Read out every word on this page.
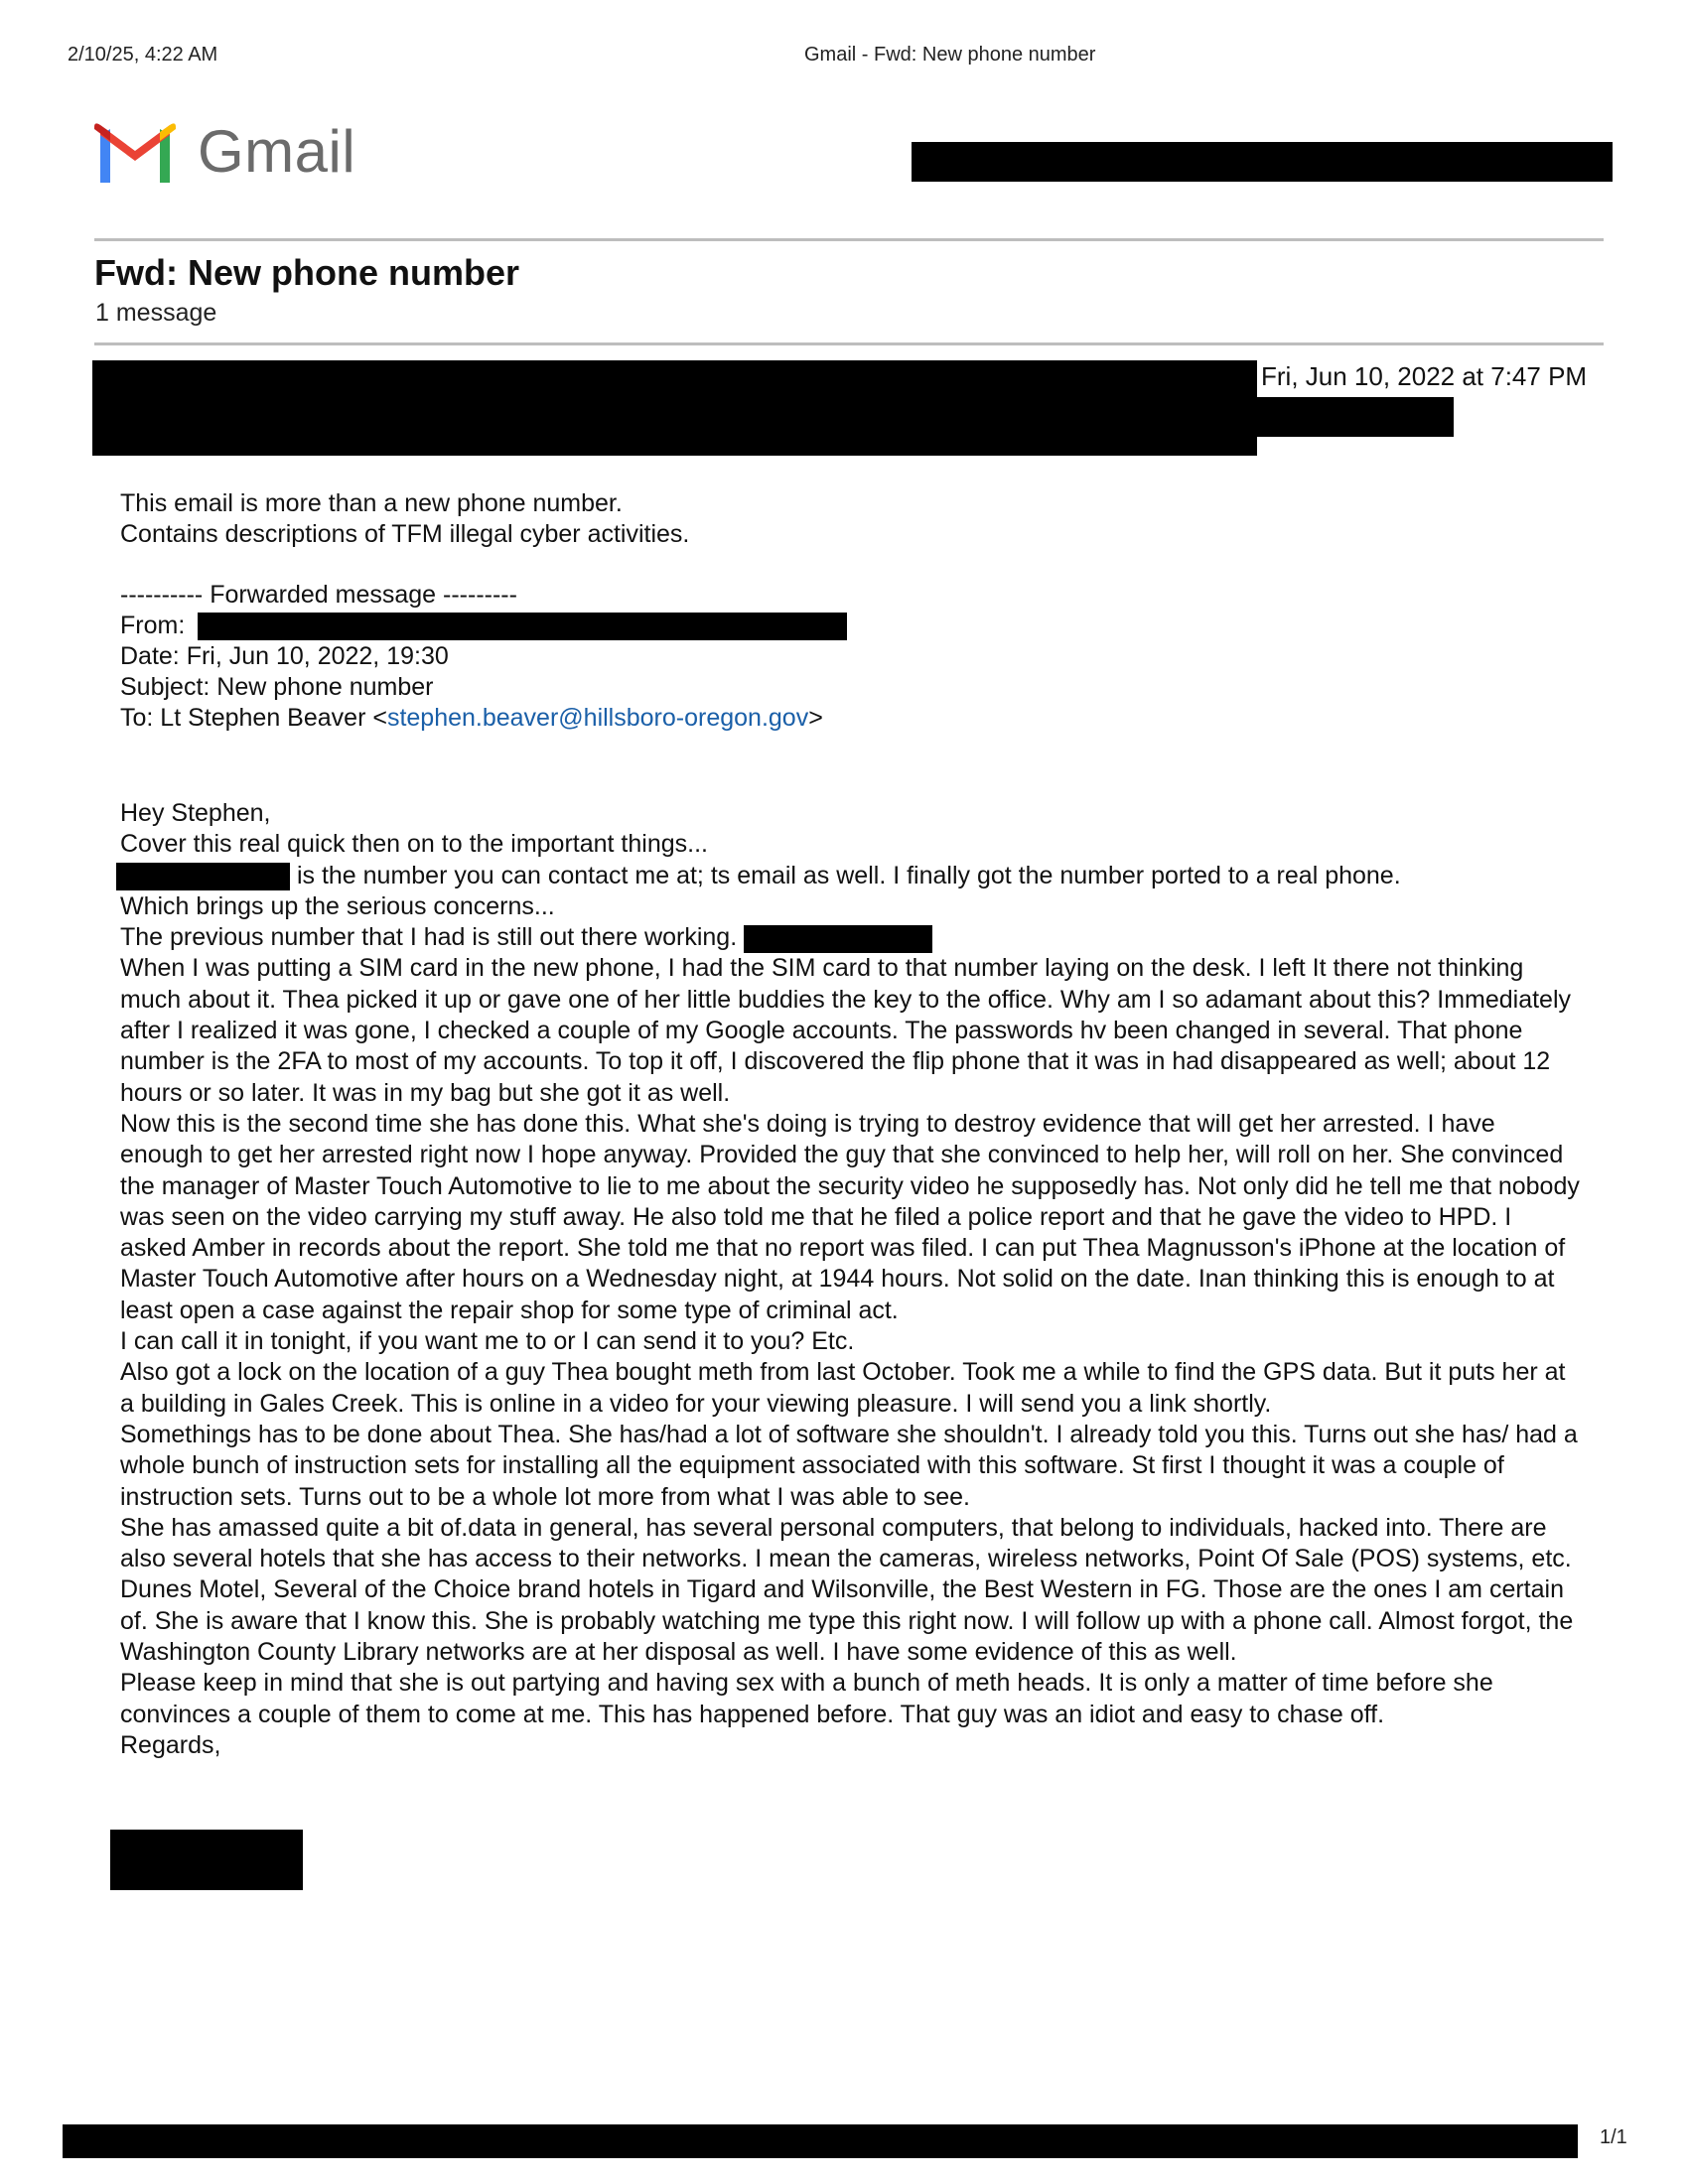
2/10/25, 4:22 AM	Gmail - Fwd: New phone number
Gmail
Fwd: New phone number
1 message
Fri, Jun 10, 2022 at 7:47 PM
This email is more than a new phone number.
Contains descriptions of TFM illegal cyber activities.
---------- Forwarded message ---------
From:
Date: Fri, Jun 10, 2022, 19:30
Subject: New phone number
To: Lt Stephen Beaver <stephen.beaver@hillsboro-oregon.gov>

Hey Stephen,

Cover this real quick then on to the important things...

is the number you can contact me at; ts email as well. I finally got the number ported to a real phone.

Which brings up the serious concerns...

The previous number that I had is still out there working.

When I was putting a SIM card in the new phone, I had the SIM card to that number laying on the desk. I left It there not thinking much about it. Thea picked it up or gave one of her little buddies the key to the office. Why am I so adamant about this? Immediately after I realized it was gone, I checked a couple of my Google accounts. The passwords hv been changed in several. That phone number is the 2FA to most of my accounts. To top it off, I discovered the flip phone that it was in had disappeared as well; about 12 hours or so later. It was in my bag but she got it as well.

Now this is the second time she has done this. What she's doing is trying to destroy evidence that will get her arrested. I have enough to get her arrested right now I hope anyway. Provided the guy that she convinced to help her, will roll on her. She convinced the manager of Master Touch Automotive to lie to me about the security video he supposedly has. Not only did he tell me that nobody was seen on the video carrying my stuff away. He also told me that he filed a police report and that he gave the video to HPD. I asked Amber in records about the report. She told me that no report was filed. I can put Thea Magnusson's iPhone at the location of Master Touch Automotive after hours on a Wednesday night, at 1944 hours. Not solid on the date. Inan thinking this is enough to at least open a case against the repair shop for some type of criminal act.

I can call it in tonight, if you want me to or I can send it to you? Etc.

Also got a lock on the location of a guy Thea bought meth from last October. Took me a while to find the GPS data. But it puts her at a building in Gales Creek. This is online in a video for your viewing pleasure. I will send you a link shortly.

Somethings has to be done about Thea. She has/had a lot of software she shouldn't. I already told you this. Turns out she has/ had a whole bunch of instruction sets for installing all the equipment associated with this software. St first I thought it was a couple of instruction sets. Turns out to be a whole lot more from what I was able to see.

She has amassed quite a bit of.data in general, has several personal computers, that belong to individuals, hacked into. There are also several hotels that she has access to their networks. I mean the cameras, wireless networks, Point Of Sale (POS) systems, etc. Dunes Motel, Several of the Choice brand hotels in Tigard and Wilsonville, the Best Western in FG. Those are the ones I am certain of. She is aware that I know this. She is probably watching me type this right now. I will follow up with a phone call. Almost forgot, the Washington County Library networks are at her disposal as well. I have some evidence of this as well.

Please keep in mind that she is out partying and having sex with a bunch of meth heads. It is only a matter of time before she convinces a couple of them to come at me. This has happened before. That guy was an idiot and easy to chase off.

Regards,

1/1
